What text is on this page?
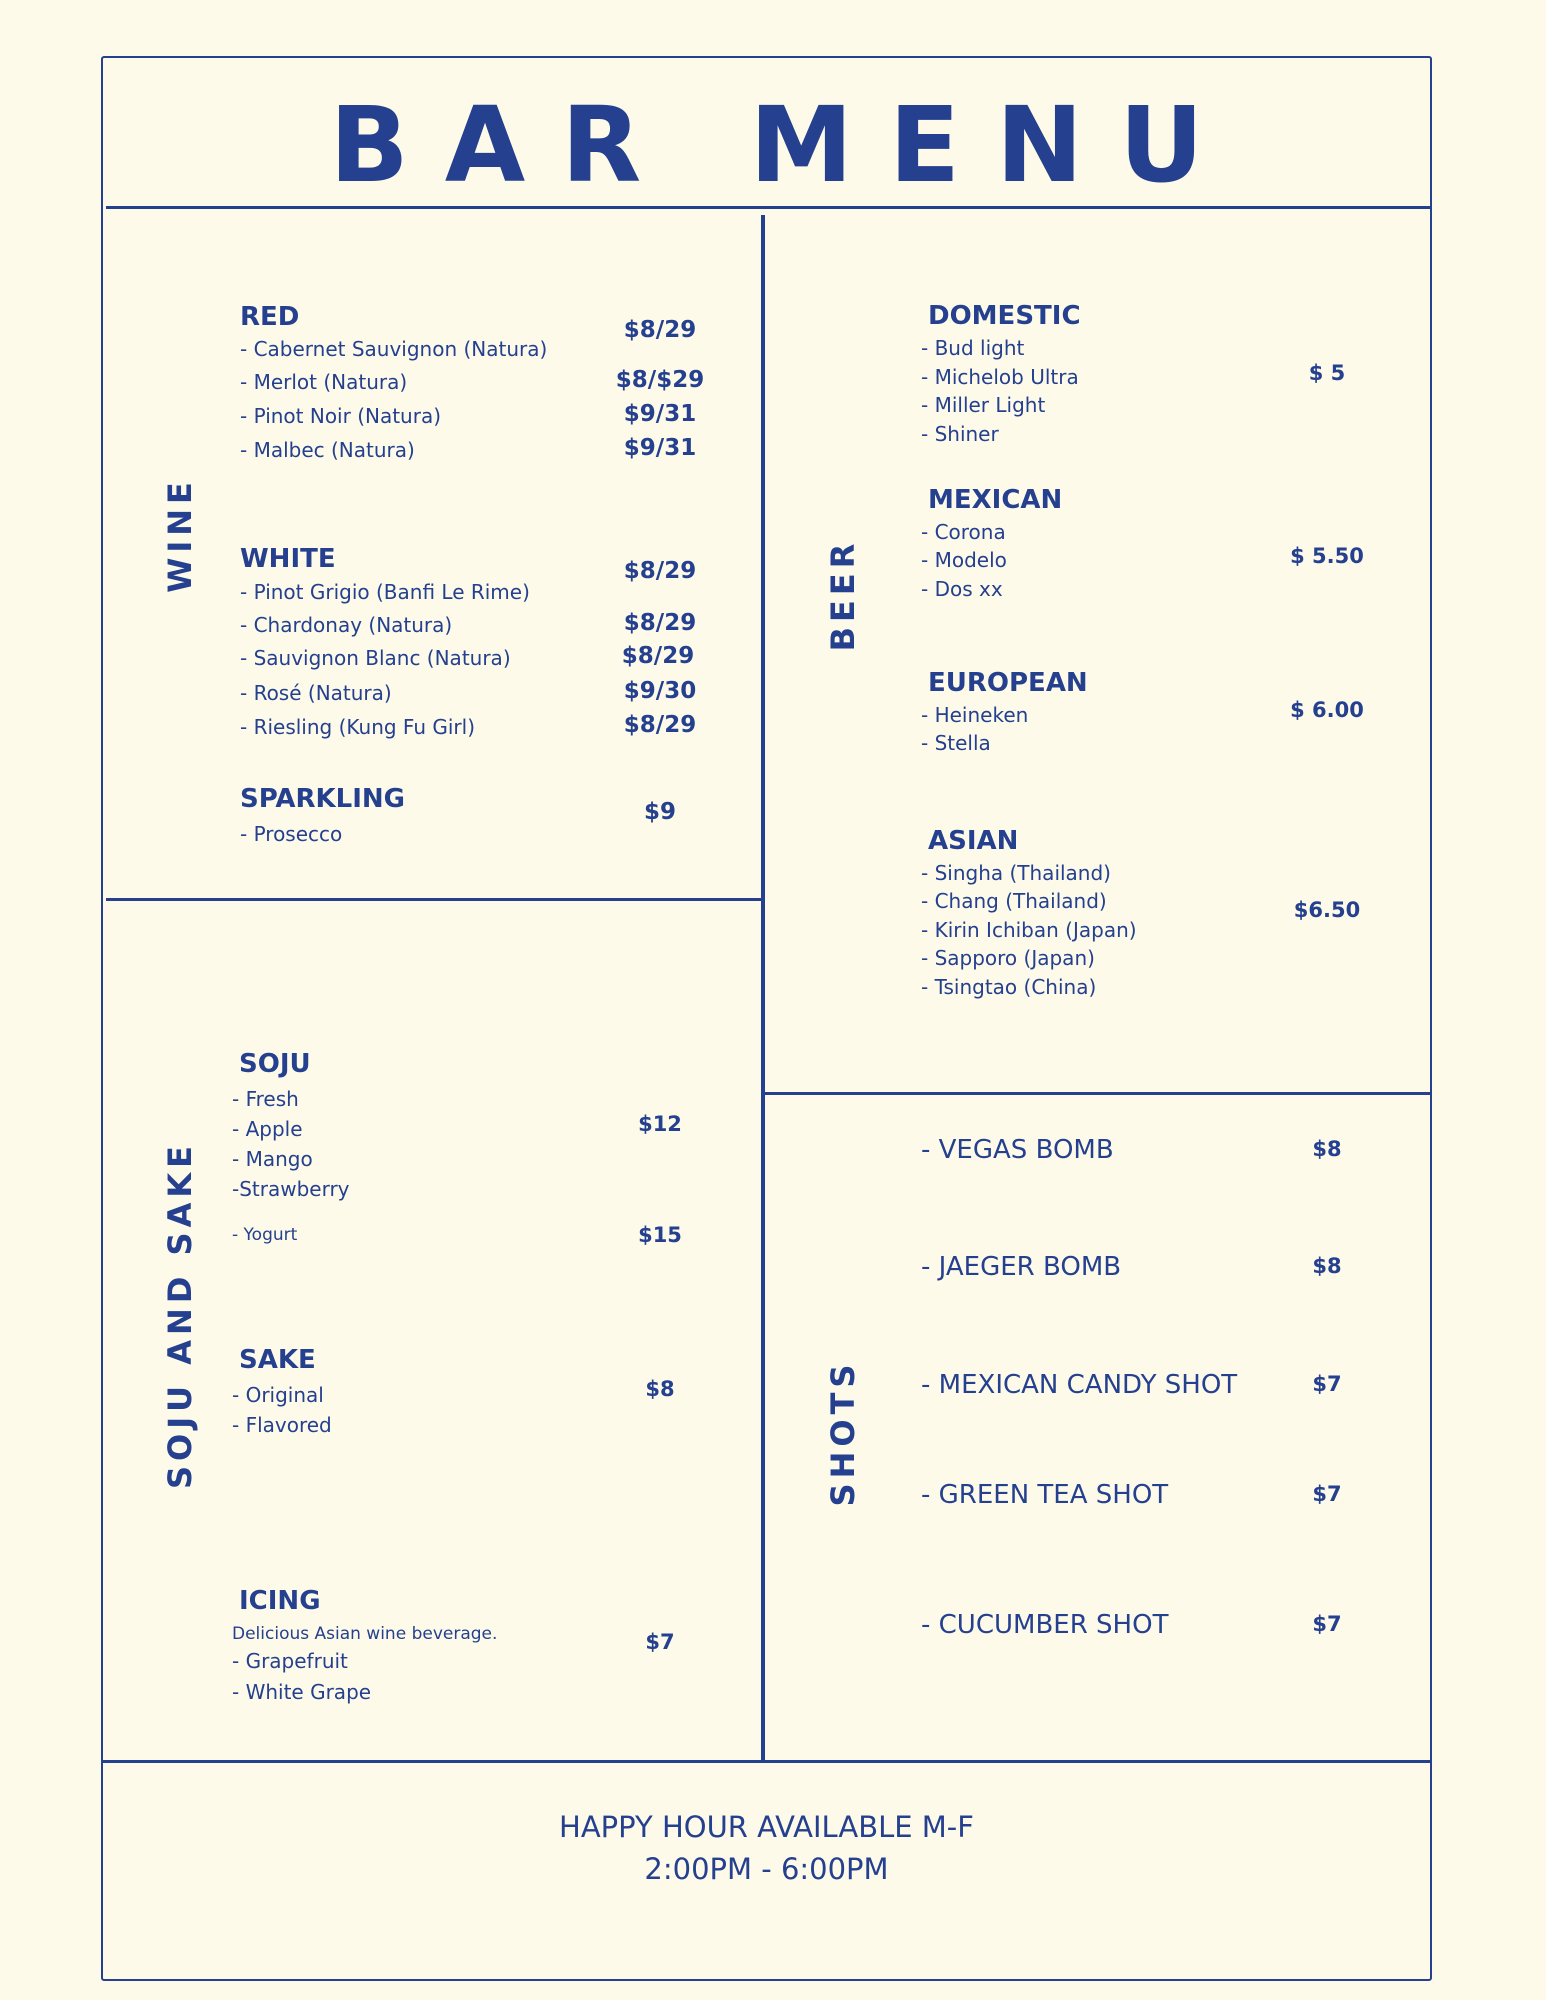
BAR MENU
WINE
RED
- Cabernet Sauvignon (Natura)
- Merlot (Natura)
- Pinot Noir (Natura)
- Malbec (Natura)
$8/29
$8/$29
$9/31
$9/31
WHITE
- Pinot Grigio (Banfi Le Rime)
- Chardonay (Natura)
- Sauvignon Blanc (Natura)
- Rosé (Natura)
- Riesling (Kung Fu Girl)
$8/29
$8/29
$8/29
$9/30
$8/29
SPARKLING
- Prosecco
$9
SOJU AND SAKE
SOJU
- Fresh
- Apple
- Mango
-Strawberry
- Yogurt
$12
$15
SAKE
- Original
- Flavored
$8
ICING
Delicious Asian wine beverage.
- Grapefruit
- White Grape
$7
BEER
DOMESTIC
- Bud light
- Michelob Ultra
- Miller Light
- Shiner
$ 5
MEXICAN
- Corona
- Modelo
- Dos xx
$ 5.50
EUROPEAN
- Heineken
- Stella
$ 6.00
ASIAN
- Singha (Thailand)
- Chang (Thailand)
- Kirin Ichiban (Japan)
- Sapporo (Japan)
- Tsingtao (China)
$6.50
SHOTS
- VEGAS BOMB
- JAEGER BOMB
- MEXICAN CANDY SHOT
- GREEN TEA SHOT
- CUCUMBER SHOT
$8
$8
$7
$7
$7
HAPPY HOUR AVAILABLE M-F
2:00PM - 6:00PM
